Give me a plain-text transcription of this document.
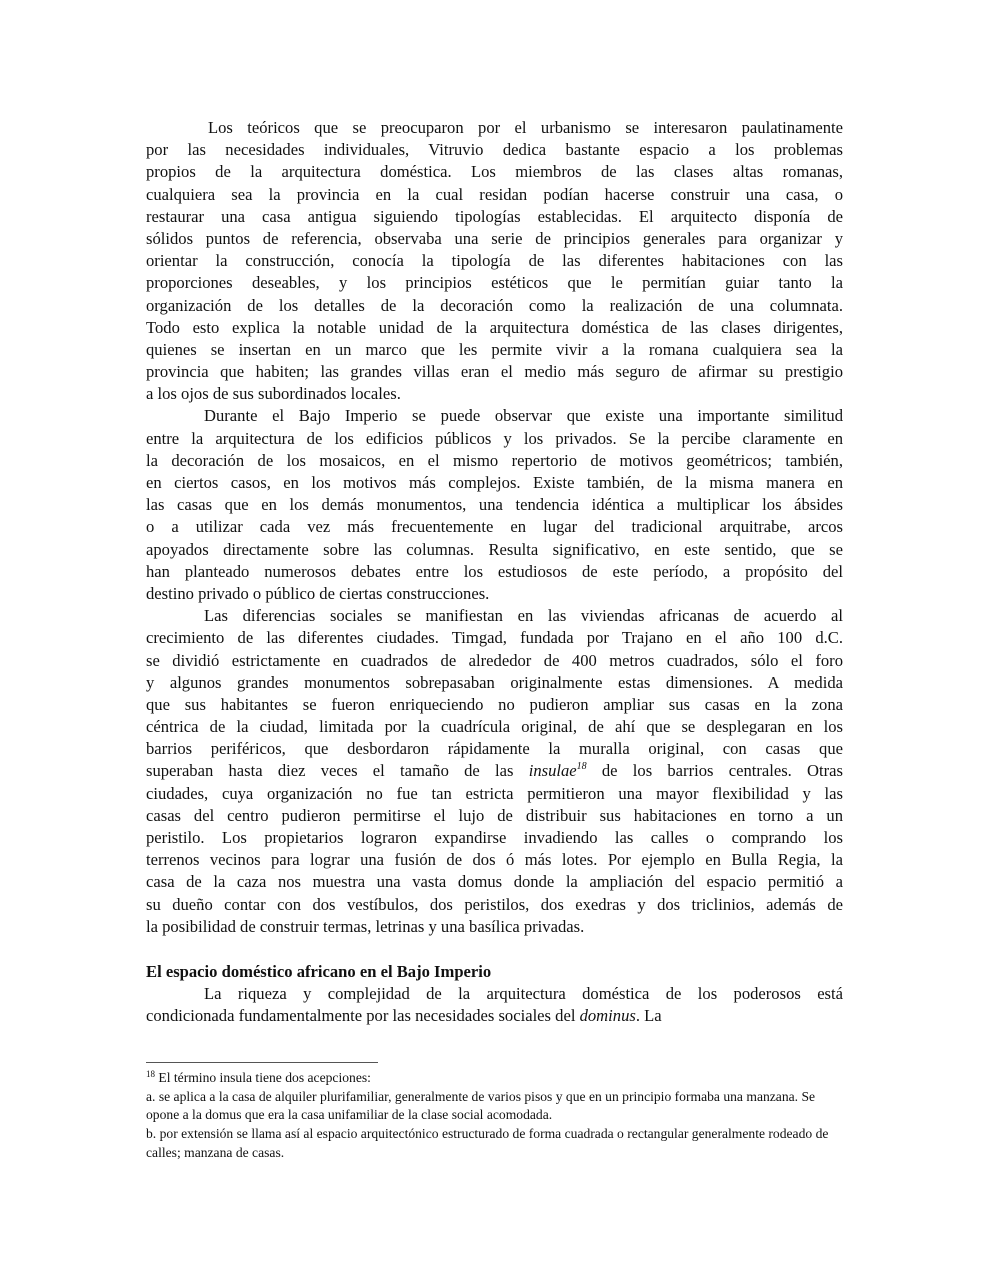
Los teóricos que se preocuparon por el urbanismo se interesaron paulatinamente
por las necesidades individuales, Vitruvio dedica bastante espacio a los problemas
propios de la arquitectura doméstica. Los miembros de las clases altas romanas,
cualquiera sea la provincia en la cual residan podían hacerse construir una casa, o
restaurar una casa antigua siguiendo tipologías establecidas. El arquitecto disponía de
sólidos puntos de referencia, observaba una serie de principios generales para organizar y
orientar la construcción, conocía la tipología de las diferentes habitaciones con las
proporciones deseables, y los principios estéticos que le permitían guiar tanto la
organización de los detalles de la decoración como la realización de una columnata.
Todo esto explica la notable unidad de la arquitectura doméstica de las clases dirigentes,
quienes se insertan en un marco que les permite vivir a la romana cualquiera sea la
provincia que habiten; las grandes villas eran el medio más seguro de afirmar su prestigio
a los ojos de sus subordinados locales.
Durante el Bajo Imperio se puede observar que existe una importante similitud
entre la arquitectura de los edificios públicos y los privados. Se la percibe claramente en
la decoración de los mosaicos, en el mismo repertorio de motivos geométricos; también,
en ciertos casos, en los motivos más complejos. Existe también, de la misma manera en
las casas que en los demás monumentos, una tendencia idéntica a multiplicar los ábsides
o a utilizar cada vez más frecuentemente en lugar del tradicional arquitrabe, arcos
apoyados directamente sobre las columnas. Resulta significativo, en este sentido, que se
han planteado numerosos debates entre los estudiosos de este período, a propósito del
destino privado o público de ciertas construcciones.
Las diferencias sociales se manifiestan en las viviendas africanas de acuerdo al
crecimiento de las diferentes ciudades. Timgad, fundada por Trajano en el año 100 d.C.
se dividió estrictamente en cuadrados de alrededor de 400 metros cuadrados, sólo el foro
y algunos grandes monumentos sobrepasaban originalmente estas dimensiones. A medida
que sus habitantes se fueron enriqueciendo no pudieron ampliar sus casas en la zona
céntrica de la ciudad, limitada por la cuadrícula original, de ahí que se desplegaran en los
barrios periféricos, que desbordaron rápidamente la muralla original, con casas que
superaban hasta diez veces el tamaño de las insulae$^{18}$ de los barrios centrales. Otras
ciudades, cuya organización no fue tan estricta permitieron una mayor flexibilidad y las
casas del centro pudieron permitirse el lujo de distribuir sus habitaciones en torno a un
peristilo. Los propietarios lograron expandirse invadiendo las calles o comprando los
terrenos vecinos para lograr una fusión de dos ó más lotes. Por ejemplo en Bulla Regia, la
casa de la caza nos muestra una vasta domus donde la ampliación del espacio permitió a
su dueño contar con dos vestíbulos, dos peristilos, dos exedras y dos triclinios, además de
la posibilidad de construir termas, letrinas y una basílica privadas.
El espacio doméstico africano en el Bajo Imperio
La riqueza y complejidad de la arquitectura doméstica de los poderosos está
condicionada fundamentalmente por las necesidades sociales del dominus. La
$^{18}$ El término insula tiene dos acepciones:
a. se aplica a la casa de alquiler plurifamiliar, generalmente de varios pisos y que en un principio formaba una manzana. Se opone a la domus que era la casa unifamiliar de la clase social acomodada.
b. por extensión se llama así al espacio arquitectónico estructurado de forma cuadrada o rectangular generalmente rodeado de calles; manzana de casas.
